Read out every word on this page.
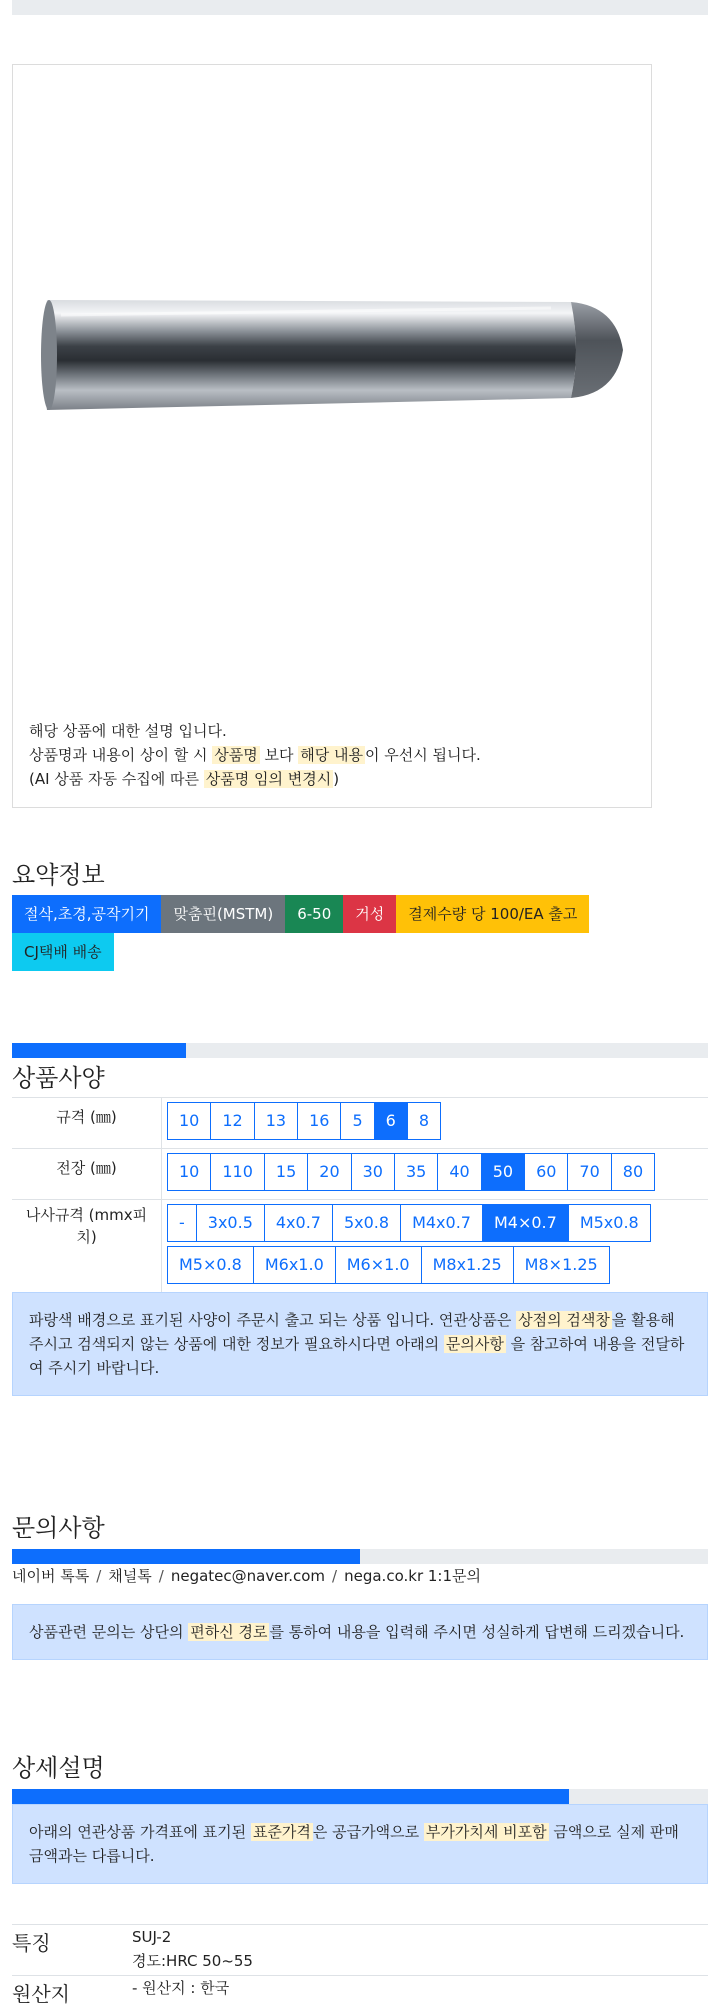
해당 상품에 대한 설명 입니다.
상품명과 내용이 상이 할 시 상품명 보다 해당 내용 이 우선시 됩니다.
(AI 상품 자동 수집에 따른 상품명 임의 변경시 )
요약정보
절삭,초경,공작기기	맞춤핀(MSTM)	6-50	거성	결제수량 당 100/EA 출고
CJ택배 배송
상품사양
규격 (㎜)	10	12	13	16	5	6	8
전장 (㎜)	10	110	15	20	30	35	40	50	60	70	80
나사규격 (mmx피치)
-	3x0.5	4x0.7	5x0.8	M4x0.7	M4×0.7	M5x0.8
M5×0.8	M6x1.0	M6×1.0	M8x1.25	M8×1.25
파랑색 배경으로 표기된 사양이 주문시 출고 되는 상품 입니다. 연관상품은 상점의 검색창 을 활용해 주시고 검색되지 않는 상품에 대한 정보가 필요하시다면 아래의 문의사항 을 참고하여 내용을 전달하여 주시기 바랍니다.
문의사항
네이버 톡톡 / 채널톡 / negatec@naver.com / nega.co.kr 1:1문의
상품관련 문의는 상단의 편하신 경로 를 통하여 내용을 입력해 주시면 성실하게 답변해 드리겠습니다.
상세설명
아래의 연관상품 가격표에 표기된 표준가격 은 공급가액으로 부가가치세 비포함 금액으로 실제 판매금액과는 다릅니다.
특징	SUJ-2
경도:HRC 50~55
원산지	- 원산지 : 한국
